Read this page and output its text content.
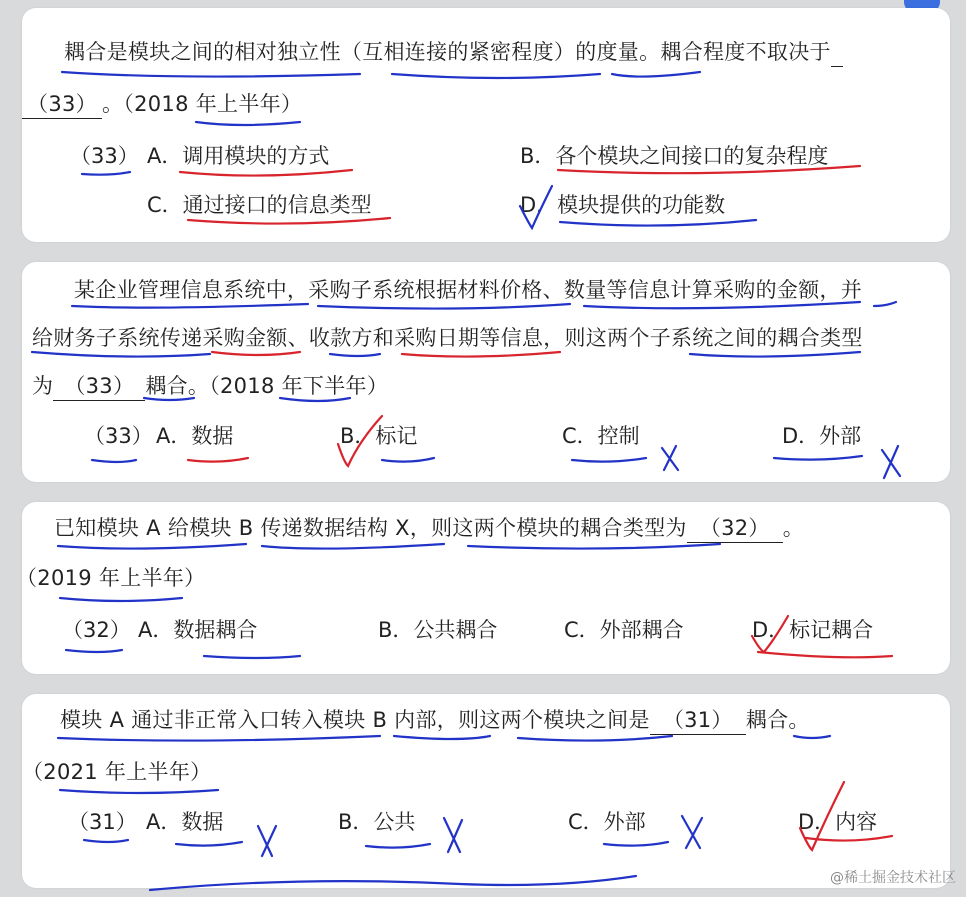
耦合是模块之间的相对独立性（互相连接的紧密程度）的度量。耦合程度不取决于
（33） 。（2018 年上半年）
（33） A．调用模块的方式	B．各个模块之间接口的复杂程度
C．通过接口的信息类型	D．模块提供的功能数
某企业管理信息系统中，采购子系统根据材料价格、数量等信息计算采购的金额，并
给财务子系统传递采购金额、收款方和采购日期等信息，则这两个子系统之间的耦合类型
为 （33） 耦合。（2018 年下半年）
（33） A．数据	B．标记	C．控制	D．外部
已知模块 A 给模块 B 传递数据结构 X，则这两个模块的耦合类型为 （32） 。
（2019 年上半年）
（32） A．数据耦合	B．公共耦合	C．外部耦合	D．标记耦合
模块 A 通过非正常入口转入模块 B 内部，则这两个模块之间是 （31） 耦合。
（2021 年上半年）
（31） A．数据	B．公共	C．外部	D．内容
@稀土掘金技术社区
